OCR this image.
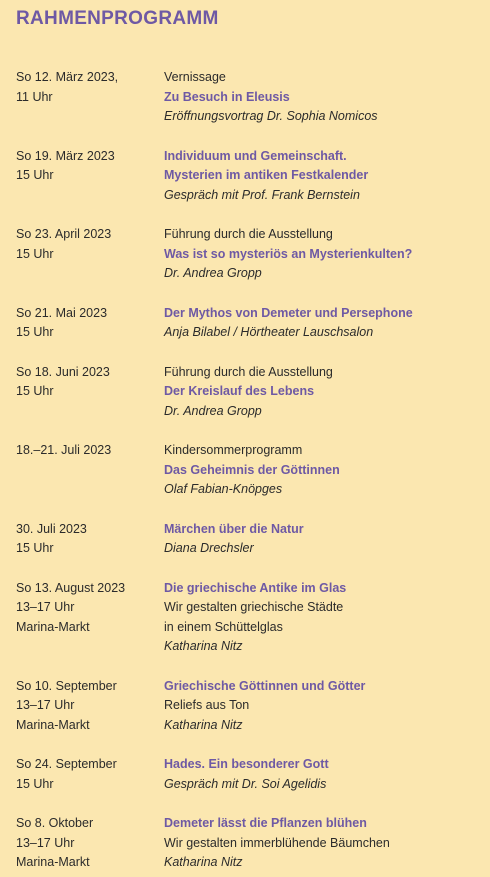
RAHMENPROGRAMM
So 12. März 2023,
11 Uhr
Vernissage
Zu Besuch in Eleusis
Eröffnungsvortrag Dr. Sophia Nomicos
So 19. März 2023
15 Uhr
Individuum und Gemeinschaft.
Mysterien im antiken Festkalender
Gespräch mit Prof. Frank Bernstein
So 23. April 2023
15 Uhr
Führung durch die Ausstellung
Was ist so mysteriös an Mysterienkulten?
Dr. Andrea Gropp
So 21. Mai 2023
15 Uhr
Der Mythos von Demeter und Persephone
Anja Bilabel / Hörtheater Lauschsalon
So 18. Juni 2023
15 Uhr
Führung durch die Ausstellung
Der Kreislauf des Lebens
Dr. Andrea Gropp
18.–21. Juli 2023	Kindersommerprogramm
Das Geheimnis der Göttinnen
Olaf Fabian-Knöpges
30. Juli 2023
15 Uhr
Märchen über die Natur
Diana Drechsler
So 13. August 2023
13–17 Uhr
Marina-Markt
Die griechische Antike im Glas
Wir gestalten griechische Städte
in einem Schüttelglas
Katharina Nitz
So 10. September
13–17 Uhr
Marina-Markt
Griechische Göttinnen und Götter
Reliefs aus Ton
Katharina Nitz
So 24. September
15 Uhr
Hades. Ein besonderer Gott
Gespräch mit Dr. Soi Agelidis
So 8. Oktober
13–17 Uhr
Marina-Markt
Demeter lässt die Pflanzen blühen
Wir gestalten immerblühende Bäumchen
Katharina Nitz
